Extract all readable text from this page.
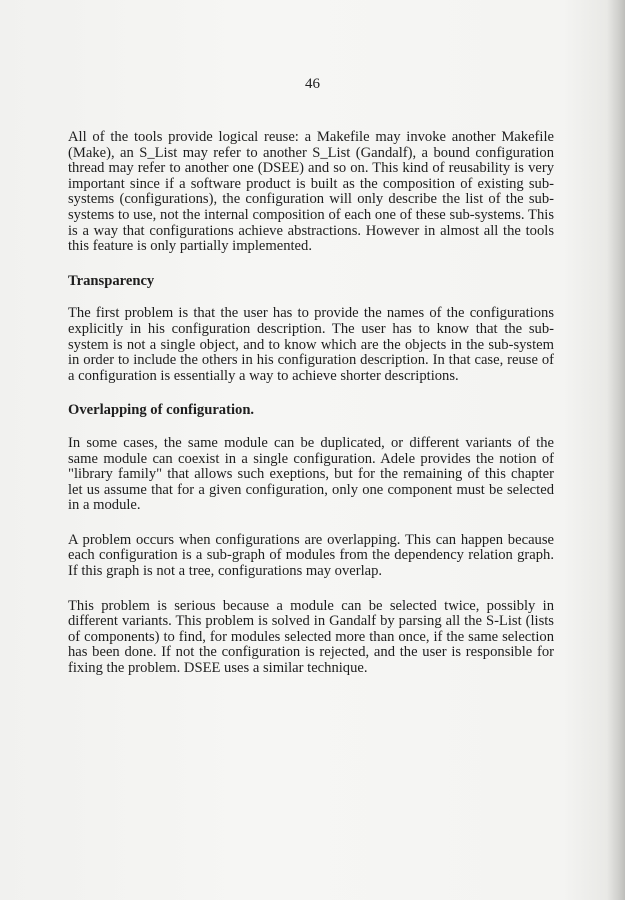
46

All of the tools provide logical reuse: a Makefile may invoke another Makefile (Make), an S_List may refer to another S_List (Gandalf), a bound configuration thread may refer to another one (DSEE) and so on. This kind of reusability is very important since if a software product is built as the composition of existing sub-systems (configurations), the configuration will only describe the list of the sub-systems to use, not the internal composition of each one of these sub-systems. This is a way that configurations achieve abstractions. However in almost all the tools this feature is only partially implemented.

Transparency

The first problem is that the user has to provide the names of the configurations explicitly in his configuration description. The user has to know that the sub-system is not a single object, and to know which are the objects in the sub-system in order to include the others in his configuration description. In that case, reuse of a configuration is essentially a way to achieve shorter descriptions.

Overlapping of configuration.

In some cases, the same module can be duplicated, or different variants of the same module can coexist in a single configuration. Adele provides the notion of "library family" that allows such exeptions, but for the remaining of this chapter let us assume that for a given configuration, only one component must be selected in a module.

A problem occurs when configurations are overlapping. This can happen because each configuration is a sub-graph of modules from the dependency relation graph. If this graph is not a tree, configurations may overlap.

This problem is serious because a module can be selected twice, possibly in different variants. This problem is solved in Gandalf by parsing all the S-List (lists of components) to find, for modules selected more than once, if the same selection has been done. If not the configuration is rejected, and the user is responsible for fixing the problem. DSEE uses a similar technique.
